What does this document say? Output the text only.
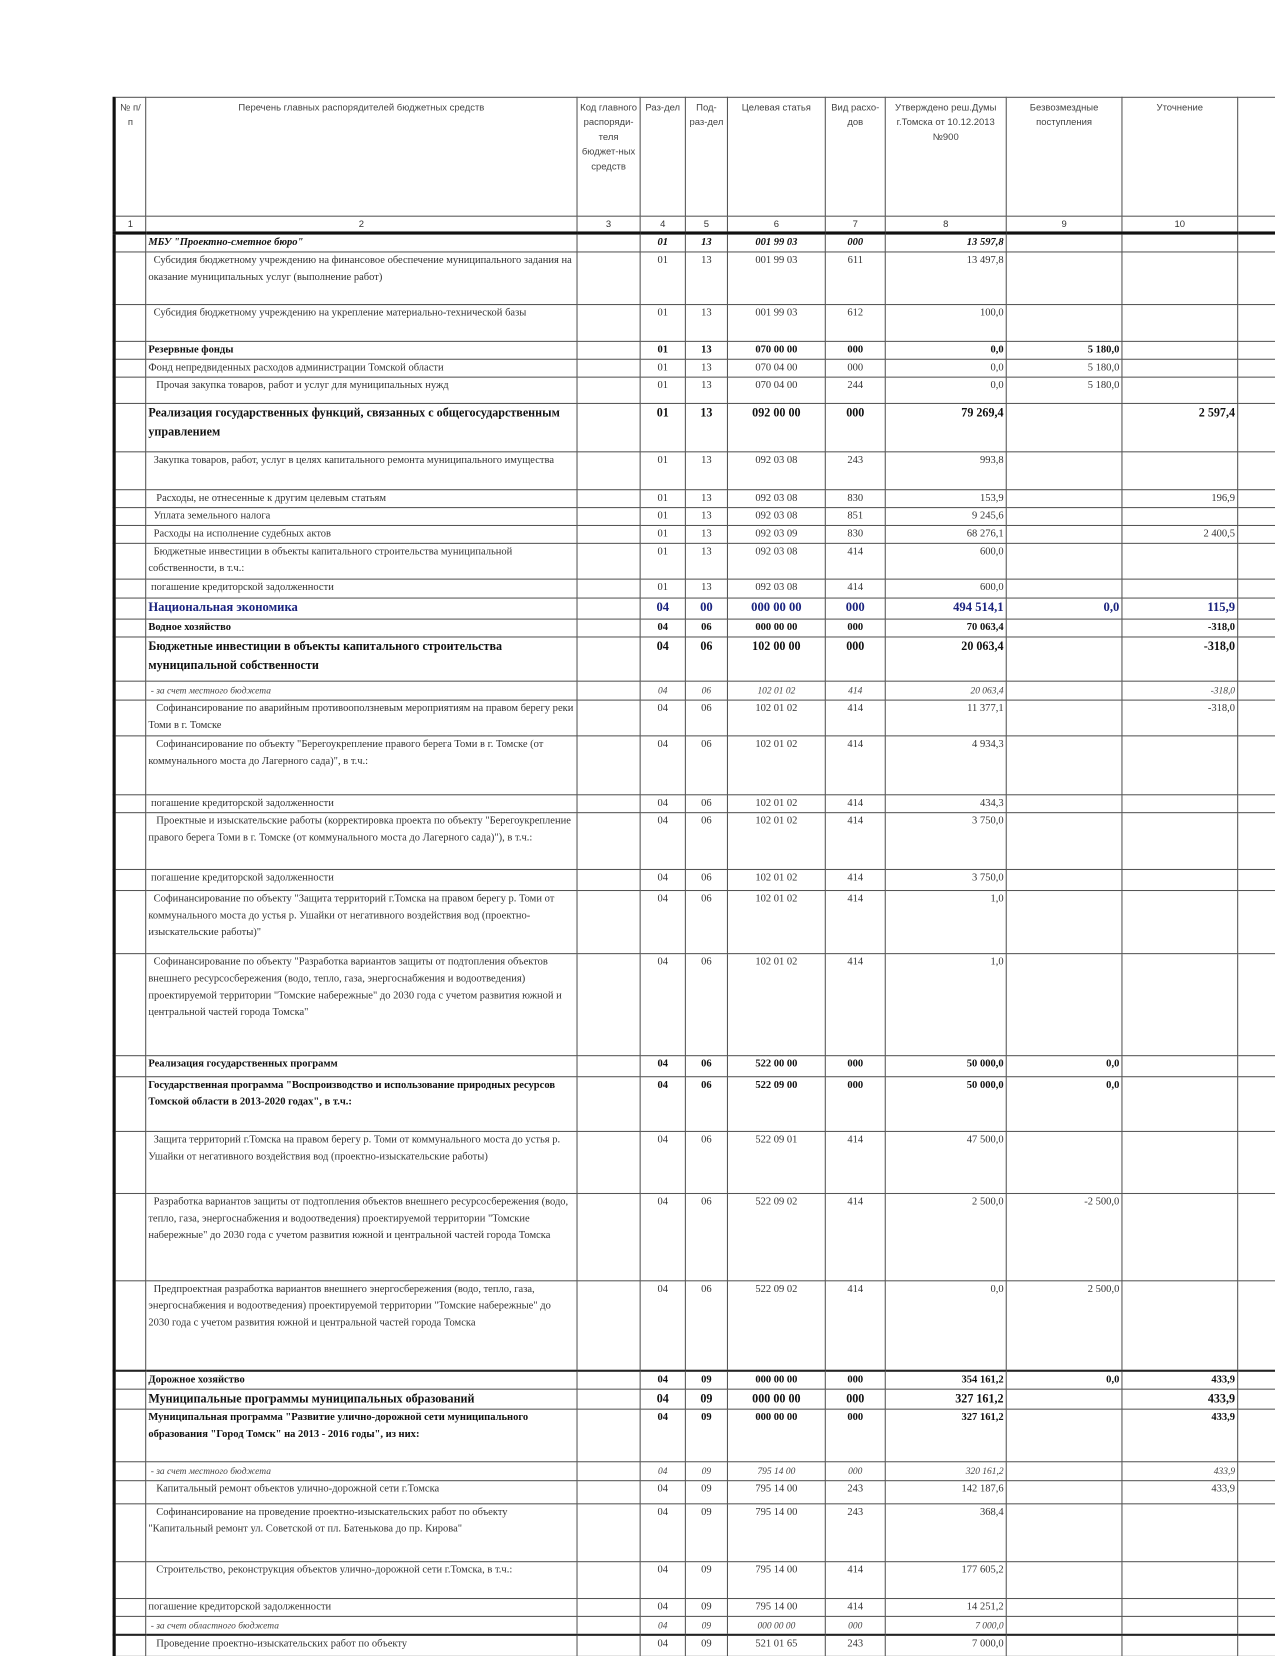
№ п/п	Перечень главных распорядителей бюджетных средств	Код главного распоряди-теля бюджет-ных средств	Раз-дел	Под-раз-дел	Целевая статья	Вид расхо-дов	Утверждено реш.Думы г.Томска от 10.12.2013 №900	Безвозмездные поступления	Уточнение	
1	2	3	4	5	6	7	8	9	10	
	МБУ "Проектно-сметное бюро"		01	13	001 99 03	000	13 597,8			
	Субсидия бюджетному учреждению на финансовое обеспечение муниципального задания на оказание муниципальных услуг (выполнение работ)		01	13	001 99 03	611	13 497,8			
	Субсидия бюджетному учреждению на укрепление материально-технической базы		01	13	001 99 03	612	100,0			
	Резервные фонды		01	13	070 00 00	000	0,0	5 180,0		
	Фонд непредвиденных расходов администрации Томской области		01	13	070 04 00	000	0,0	5 180,0		
	Прочая закупка товаров, работ и услуг для муниципальных нужд		01	13	070 04 00	244	0,0	5 180,0		
	Реализация государственных функций, связанных с общегосударственным управлением		01	13	092 00 00	000	79 269,4		2 597,4	
	Закупка товаров, работ, услуг в целях капитального ремонта муниципального имущества		01	13	092 03 08	243	993,8			
	Расходы, не отнесенные к другим целевым статьям		01	13	092 03 08	830	153,9		196,9	
	Уплата земельного налога		01	13	092 03 08	851	9 245,6			
	Расходы на исполнение судебных актов		01	13	092 03 09	830	68 276,1		2 400,5	
	Бюджетные инвестиции в объекты капитального строительства муниципальной собственности, в т.ч.:		01	13	092 03 08	414	600,0			
	погашение кредиторской задолженности		01	13	092 03 08	414	600,0			
	Национальная экономика		04	00	000 00 00	000	494 514,1	0,0	115,9	
	Водное хозяйство		04	06	000 00 00	000	70 063,4		-318,0	
	Бюджетные инвестиции в объекты капитального строительства муниципальной собственности		04	06	102 00 00	000	20 063,4		-318,0	
	- за счет местного бюджета		04	06	102 01 02	414	20 063,4		-318,0	
	Софинансирование по аварийным противооползневым мероприятиям на правом берегу реки Томи в г. Томске		04	06	102 01 02	414	11 377,1		-318,0	
	Софинансирование по объекту "Берегоукрепление правого берега Томи в г. Томске (от коммунального моста до Лагерного сада)", в т.ч.:		04	06	102 01 02	414	4 934,3			
	погашение кредиторской задолженности		04	06	102 01 02	414	434,3			
	Проектные и изыскательские работы (корректировка проекта по объекту "Берегоукрепление правого берега Томи в г. Томске (от коммунального моста до Лагерного сада)"), в т.ч.:		04	06	102 01 02	414	3 750,0			
	погашение кредиторской задолженности		04	06	102 01 02	414	3 750,0			
	Софинансирование по объекту "Защита территорий г.Томска на правом берегу р. Томи от коммунального моста до устья р. Ушайки от негативного воздействия вод (проектно-изыскательские работы)"		04	06	102 01 02	414	1,0			
	Софинансирование по объекту "Разработка вариантов защиты от подтопления объектов внешнего ресурсосбережения (водо, тепло, газа, энергоснабжения и водоотведения) проектируемой территории "Томские набережные" до 2030 года с учетом развития южной и центральной частей города Томска"		04	06	102 01 02	414	1,0			
	Реализация государственных программ		04	06	522 00 00	000	50 000,0	0,0		
	Государственная программа "Воспроизводство и использование природных ресурсов Томской области в 2013-2020 годах", в т.ч.:		04	06	522 09 00	000	50 000,0	0,0		
	Защита территорий г.Томска на правом берегу р. Томи от коммунального моста до устья р. Ушайки от негативного воздействия вод (проектно-изыскательские работы)		04	06	522 09 01	414	47 500,0			
	Разработка вариантов защиты от подтопления объектов внешнего ресурсосбережения (водо, тепло, газа, энергоснабжения и водоотведения) проектируемой территории "Томские набережные" до 2030 года с учетом развития южной и центральной частей города Томска		04	06	522 09 02	414	2 500,0	-2 500,0		
	Предпроектная разработка вариантов внешнего энергосбережения (водо, тепло, газа, энергоснабжения и водоотведения) проектируемой территории "Томские набережные" до 2030 года с учетом развития южной и центральной частей города Томска		04	06	522 09 02	414	0,0	2 500,0		
	Дорожное хозяйство		04	09	000 00 00	000	354 161,2	0,0	433,9	
	Муниципальные программы муниципальных образований		04	09	000 00 00	000	327 161,2		433,9	
	Муниципальная программа "Развитие улично-дорожной сети муниципального образования "Город Томск" на 2013 - 2016 годы", из них:		04	09	000 00 00	000	327 161,2		433,9	
	- за счет местного бюджета		04	09	795 14 00	000	320 161,2		433,9	
	Капитальный ремонт объектов улично-дорожной сети г.Томска		04	09	795 14 00	243	142 187,6		433,9	
	Софинансирование на проведение проектно-изыскательских работ по объекту "Капитальный ремонт ул. Советской от пл. Батенькова до пр. Кирова"		04	09	795 14 00	243	368,4			
	Строительство, реконструкция объектов улично-дорожной сети г.Томска, в т.ч.:		04	09	795 14 00	414	177 605,2			
	погашение кредиторской задолженности		04	09	795 14 00	414	14 251,2			
	- за счет областного бюджета		04	09	000 00 00	000	7 000,0			
	Проведение проектно-изыскательских работ по объекту		04	09	521 01 65	243	7 000,0			
